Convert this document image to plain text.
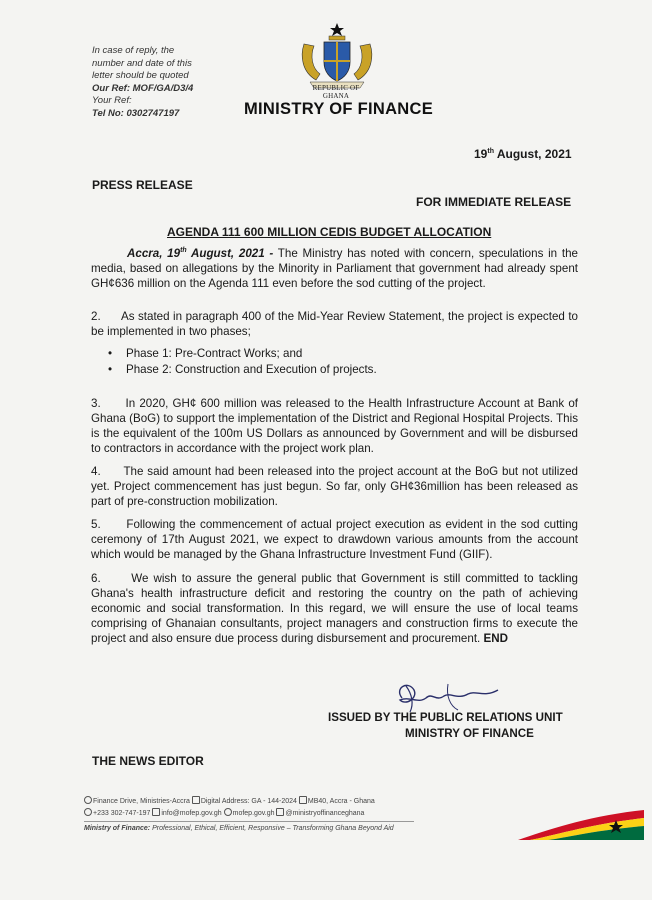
In case of reply, the
number and date of this
letter should be quoted
Our Ref: MOF/GA/D3/4
Your Ref:
Tel No: 0302747197
REPUBLIC OF GHANA
MINISTRY OF FINANCE
19th August, 2021
PRESS RELEASE
FOR IMMEDIATE RELEASE
AGENDA 111 600 MILLION CEDIS BUDGET ALLOCATION
Accra, 19th August, 2021 - The Ministry has noted with concern, speculations in the media, based on allegations by the Minority in Parliament that government had already spent GH¢636 million on the Agenda 111 even before the sod cutting of the project.
2.      As stated in paragraph 400 of the Mid-Year Review Statement, the project is expected to be implemented in two phases;
• Phase 1: Pre-Contract Works; and
• Phase 2: Construction and Execution of projects.
3.      In 2020, GH¢ 600 million was released to the Health Infrastructure Account at Bank of Ghana (BoG) to support the implementation of the District and Regional Hospital Projects. This is the equivalent of the 100m US Dollars as announced by Government and will be disbursed to contractors in accordance with the project work plan.
4.      The said amount had been released into the project account at the BoG but not utilized yet. Project commencement has just begun. So far, only GH¢36million has been released as part of pre-construction mobilization.
5.      Following the commencement of actual project execution as evident in the sod cutting ceremony of 17th August 2021, we expect to drawdown various amounts from the account which would be managed by the Ghana Infrastructure Investment Fund (GIIF).
6.      We wish to assure the general public that Government is still committed to tackling Ghana's health infrastructure deficit and restoring the country on the path of achieving economic and social transformation. In this regard, we will ensure the use of local teams comprising of Ghanaian consultants, project managers and construction firms to execute the project and also ensure due process during disbursement and procurement. END
ISSUED BY THE PUBLIC RELATIONS UNIT
MINISTRY OF FINANCE
THE NEWS EDITOR
Finance Drive, Ministries-Accra Digital Address: GA - 144-2024 MB40, Accra - Ghana
+233 302-747-197 info@mofep.gov.gh mofep.gov.gh @ministryoffinanceghana
Ministry of Finance: Professional, Ethical, Efficient, Responsive – Transforming Ghana Beyond Aid
